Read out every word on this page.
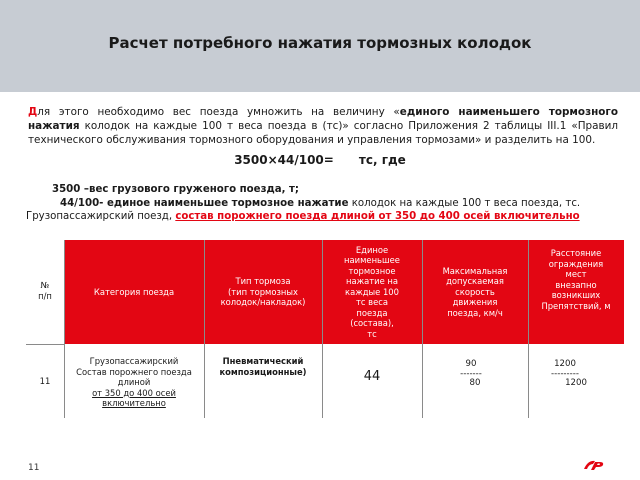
Расчет потребного нажатия тормозных колодок
Для этого необходимо вес поезда умножить на величину «единого наименьшего тормозного нажатия колодок на каждые 100 т веса поезда в (тс)» согласно Приложения 2 таблицы III.1 «Правил технического обслуживания тормозного оборудования и управления тормозами» и разделить на 100.
3500×44/100=      тс, где
3500 –вес грузового груженого поезда, т;
44/100- единое наименьшее тормозное нажатие колодок на каждые 100 т веса поезда, тс. Грузопассажирский поезд, состав порожнего поезда длиной от 350 до 400 осей включительно
№
п/п	Категория поезда
Тип тормоза
(тип тормозных
колодок/накладок)
Единое
наименьшее
тормозное
нажатие на
каждые 100
тс веса
поезда
(состава),
тс
Максимальная
допускаемая
скорость
движения
поезда, км/ч
Расстояние
ограждения
мест
внезапно
возникших
Препятствий, м
11
Грузопассажирский
Состав порожнего поезда
длиной
от 350 до 400 осей
включительно
Пневматический
композиционные)	44
90
-------
80
1200
---------
1200
11
